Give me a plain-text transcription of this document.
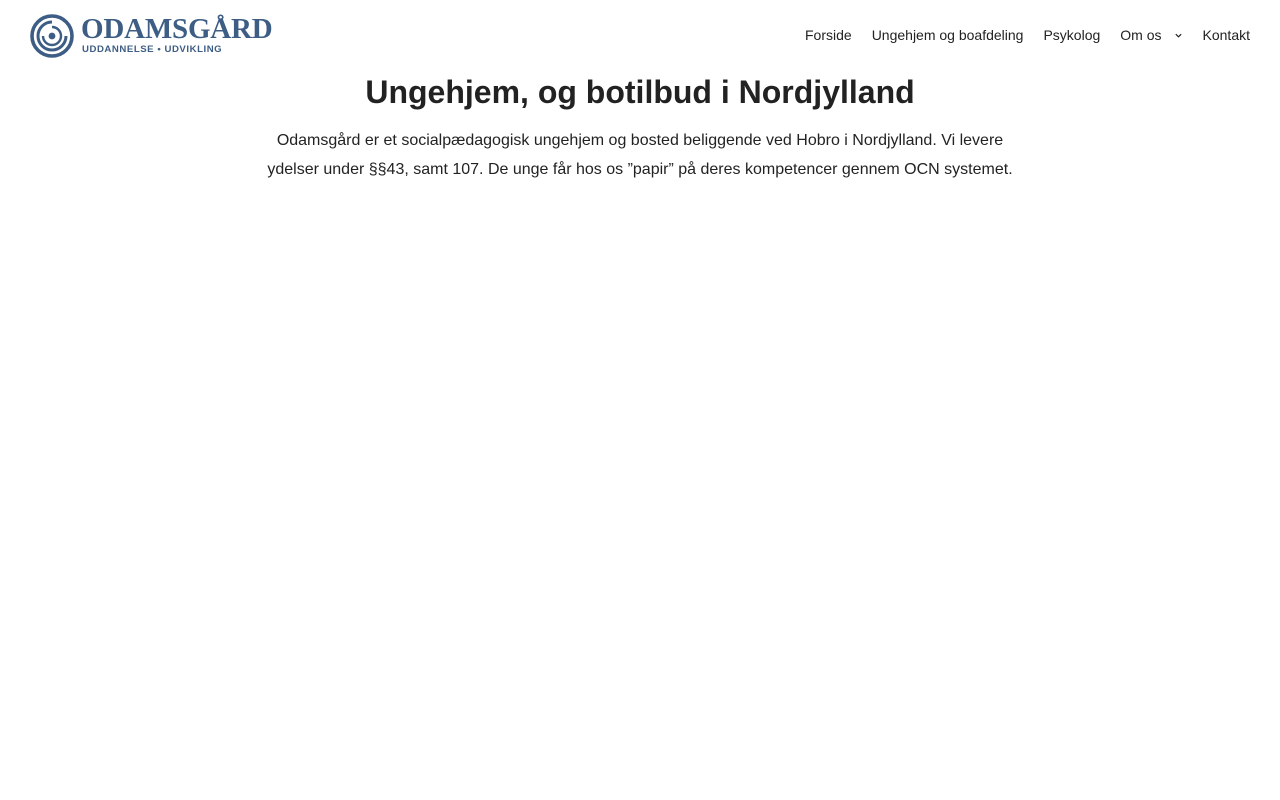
ODAMSGÅRD
UDDANNELSE • UDVIKLING
Forside Ungehjem og boafdeling Psykolog Om os	Kontakt
Ungehjem, og botilbud i Nordjylland

Odamsgård er et socialpædagogisk ungehjem og bosted beliggende ved Hobro i Nordjylland. Vi levere ydelser under §§43, samt 107. De unge får hos os ”papir” på deres kompetencer gennem OCN systemet.
